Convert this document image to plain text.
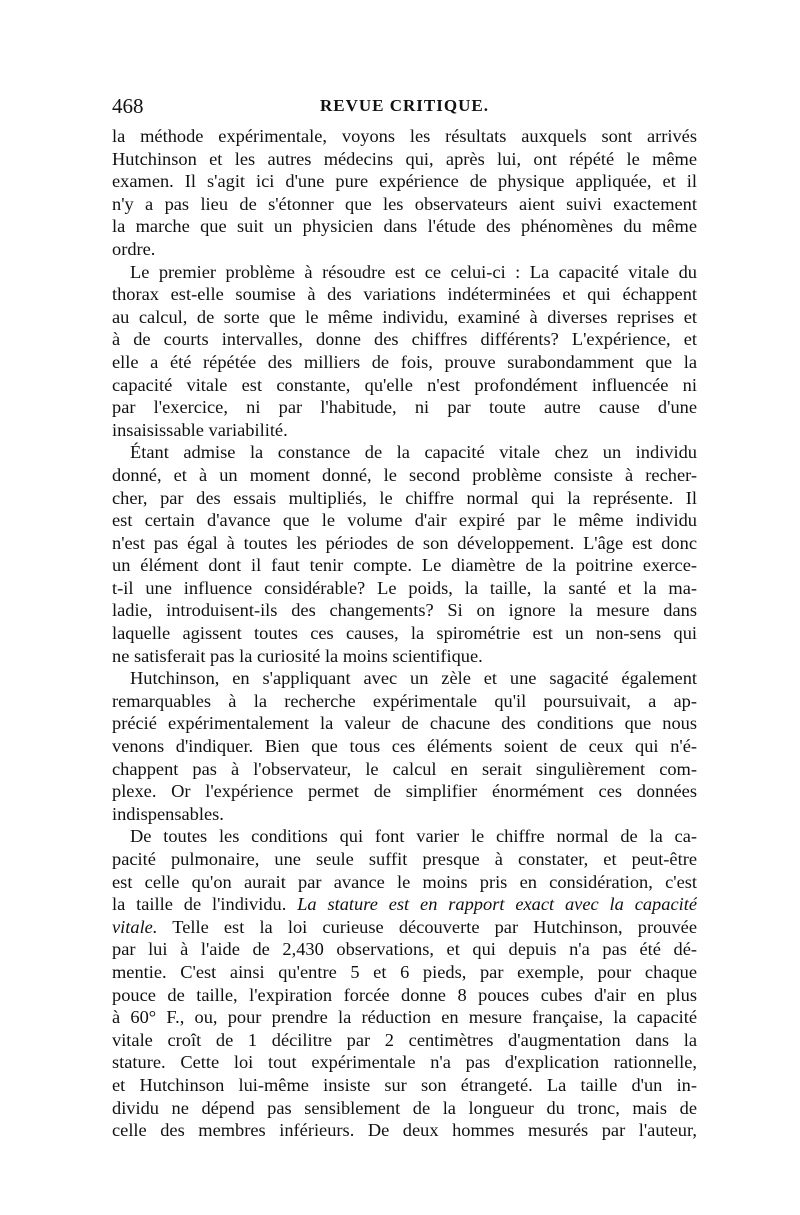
468	REVUE CRITIQUE.
la méthode expérimentale, voyons les résultats auxquels sont arrivés
Hutchinson et les autres médecins qui, après lui, ont répété le même
examen. Il s'agit ici d'une pure expérience de physique appliquée, et il
n'y a pas lieu de s'étonner que les observateurs aient suivi exactement
la marche que suit un physicien dans l'étude des phénomènes du même
ordre.
Le premier problème à résoudre est ce celui-ci : La capacité vitale du
thorax est-elle soumise à des variations indéterminées et qui échappent
au calcul, de sorte que le même individu, examiné à diverses reprises et
à de courts intervalles, donne des chiffres différents? L'expérience, et
elle a été répétée des milliers de fois, prouve surabondamment que la
capacité vitale est constante, qu'elle n'est profondément influencée ni
par l'exercice, ni par l'habitude, ni par toute autre cause d'une
insaisissable variabilité.
Étant admise la constance de la capacité vitale chez un individu
donné, et à un moment donné, le second problème consiste à recher-
cher, par des essais multipliés, le chiffre normal qui la représente. Il
est certain d'avance que le volume d'air expiré par le même individu
n'est pas égal à toutes les périodes de son développement. L'âge est donc
un élément dont il faut tenir compte. Le diamètre de la poitrine exerce-
t-il une influence considérable? Le poids, la taille, la santé et la ma-
ladie, introduisent-ils des changements? Si on ignore la mesure dans
laquelle agissent toutes ces causes, la spirométrie est un non-sens qui
ne satisferait pas la curiosité la moins scientifique.
Hutchinson, en s'appliquant avec un zèle et une sagacité également
remarquables à la recherche expérimentale qu'il poursuivait, a ap-
précié expérimentalement la valeur de chacune des conditions que nous
venons d'indiquer. Bien que tous ces éléments soient de ceux qui n'é-
chappent pas à l'observateur, le calcul en serait singulièrement com-
plexe. Or l'expérience permet de simplifier énormément ces données
indispensables.
De toutes les conditions qui font varier le chiffre normal de la ca-
pacité pulmonaire, une seule suffit presque à constater, et peut-être
est celle qu'on aurait par avance le moins pris en considération, c'est
la taille de l'individu. La stature est en rapport exact avec la capacité
vitale. Telle est la loi curieuse découverte par Hutchinson, prouvée
par lui à l'aide de 2,430 observations, et qui depuis n'a pas été dé-
mentie. C'est ainsi qu'entre 5 et 6 pieds, par exemple, pour chaque
pouce de taille, l'expiration forcée donne 8 pouces cubes d'air en plus
à 60° F., ou, pour prendre la réduction en mesure française, la capacité
vitale croît de 1 décilitre par 2 centimètres d'augmentation dans la
stature. Cette loi tout expérimentale n'a pas d'explication rationnelle,
et Hutchinson lui-même insiste sur son étrangeté. La taille d'un in-
dividu ne dépend pas sensiblement de la longueur du tronc, mais de
celle des membres inférieurs. De deux hommes mesurés par l'auteur,
